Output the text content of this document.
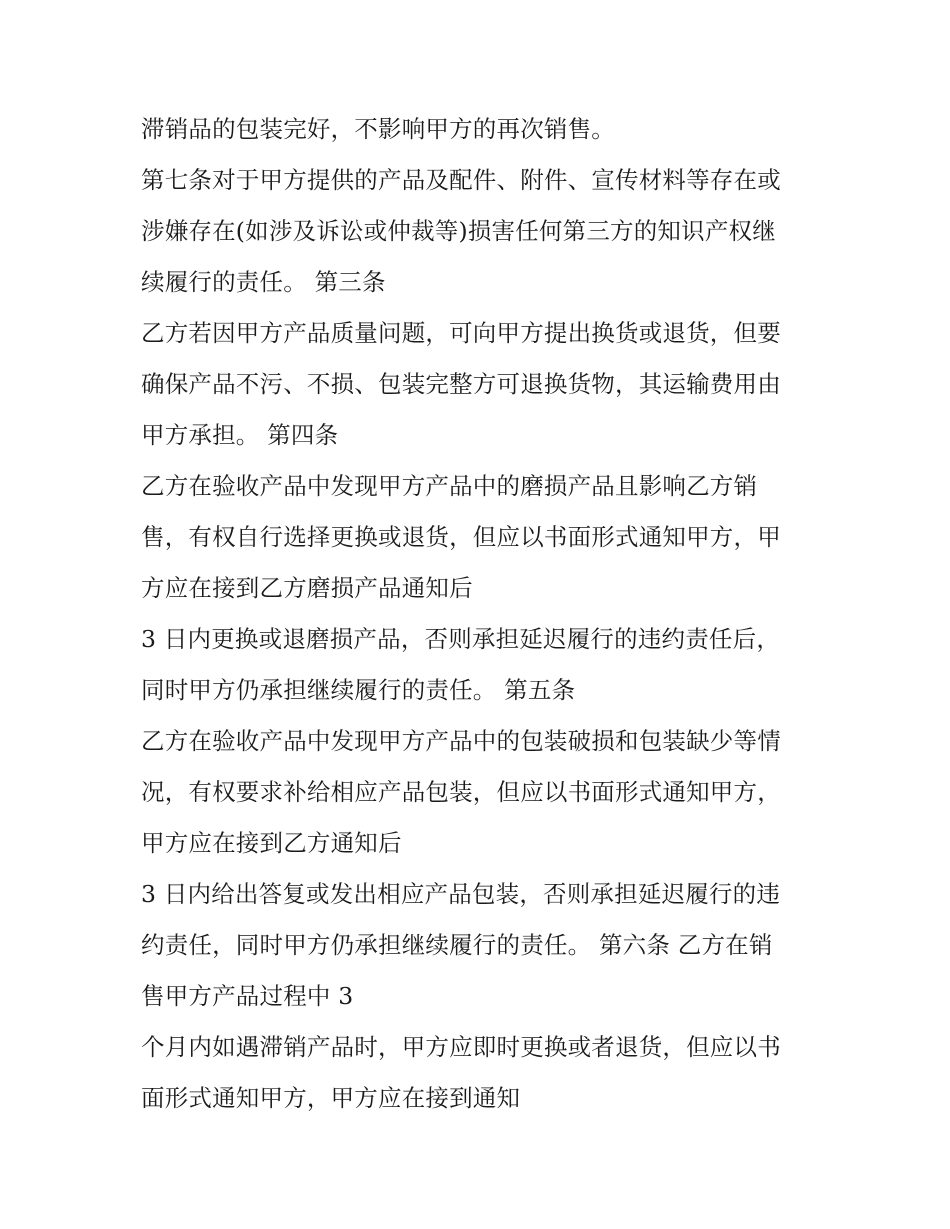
滞销品的包装完好，不影响甲方的再次销售。
第七条对于甲方提供的产品及配件、附件、宣传材料等存在或
涉嫌存在(如涉及诉讼或仲裁等)损害任何第三方的知识产权继
续履行的责任。 第三条
乙方若因甲方产品质量问题，可向甲方提出换货或退货，但要
确保产品不污、不损、包装完整方可退换货物，其运输费用由
甲方承担。 第四条
乙方在验收产品中发现甲方产品中的磨损产品且影响乙方销
售，有权自行选择更换或退货，但应以书面形式通知甲方，甲
方应在接到乙方磨损产品通知后
3 日内更换或退磨损产品，否则承担延迟履行的违约责任后，
同时甲方仍承担继续履行的责任。 第五条
乙方在验收产品中发现甲方产品中的包装破损和包装缺少等情
况，有权要求补给相应产品包装，但应以书面形式通知甲方，
甲方应在接到乙方通知后
3 日内给出答复或发出相应产品包装，否则承担延迟履行的违
约责任，同时甲方仍承担继续履行的责任。 第六条 乙方在销
售甲方产品过程中 3
个月内如遇滞销产品时，甲方应即时更换或者退货，但应以书
面形式通知甲方，甲方应在接到通知
